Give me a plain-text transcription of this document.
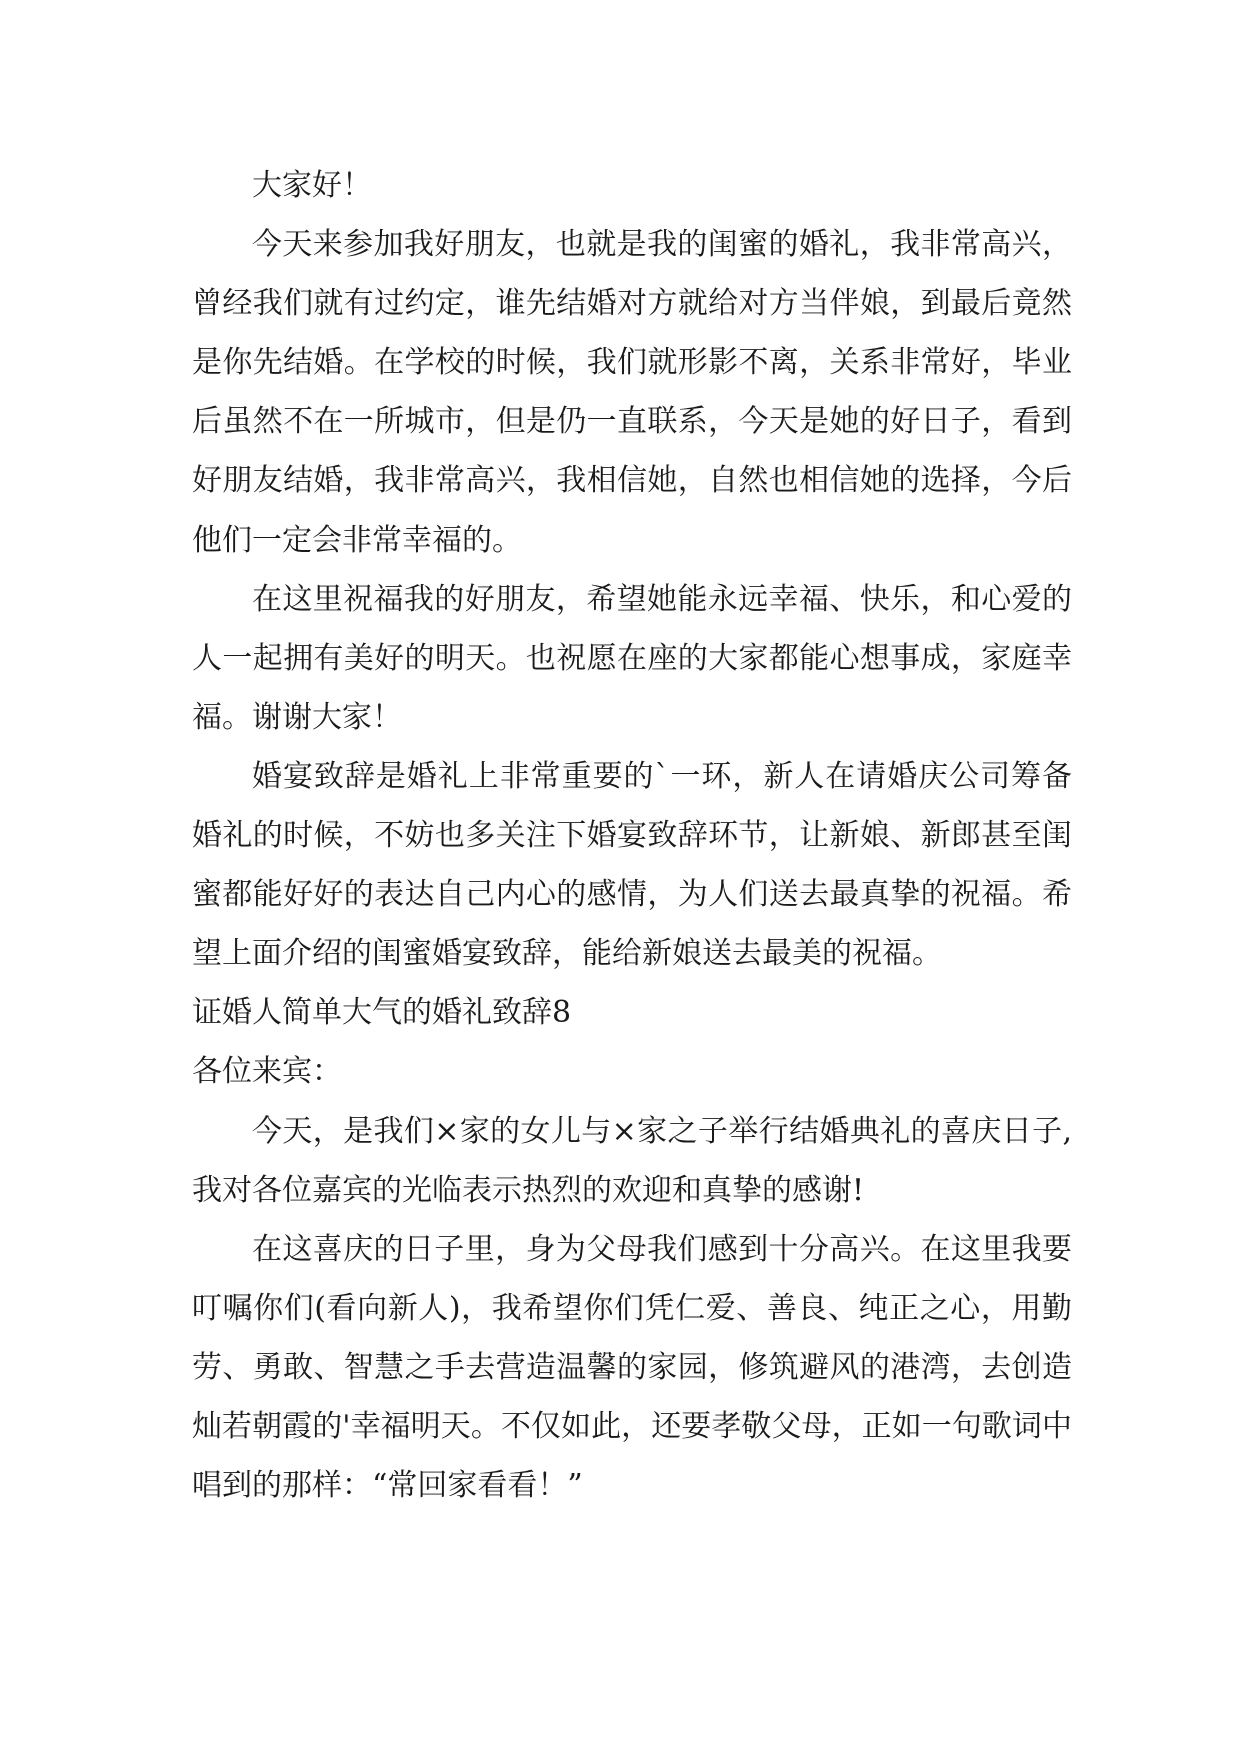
大家好！

今天来参加我好朋友，也就是我的闺蜜的婚礼，我非常高兴，曾经我们就有过约定，谁先结婚对方就给对方当伴娘，到最后竟然是你先结婚。在学校的时候，我们就形影不离，关系非常好，毕业后虽然不在一所城市，但是仍一直联系，今天是她的好日子，看到好朋友结婚，我非常高兴，我相信她，自然也相信她的选择，今后他们一定会非常幸福的。

在这里祝福我的好朋友，希望她能永远幸福、快乐，和心爱的人一起拥有美好的明天。也祝愿在座的大家都能心想事成，家庭幸福。谢谢大家！

婚宴致辞是婚礼上非常重要的`一环，新人在请婚庆公司筹备婚礼的时候，不妨也多关注下婚宴致辞环节，让新娘、新郎甚至闺蜜都能好好的表达自己内心的感情，为人们送去最真挚的祝福。希望上面介绍的闺蜜婚宴致辞，能给新娘送去最美的祝福。

证婚人简单大气的婚礼致辞8

各位来宾：

今天，是我们×家的女儿与×家之子举行结婚典礼的喜庆日子,我对各位嘉宾的光临表示热烈的欢迎和真挚的感谢!

在这喜庆的日子里，身为父母我们感到十分高兴。在这里我要叮嘱你们(看向新人)，我希望你们凭仁爱、善良、纯正之心，用勤劳、勇敢、智慧之手去营造温馨的家园，修筑避风的港湾，去创造灿若朝霞的'幸福明天。不仅如此，还要孝敬父母，正如一句歌词中唱到的那样：“常回家看看！”
